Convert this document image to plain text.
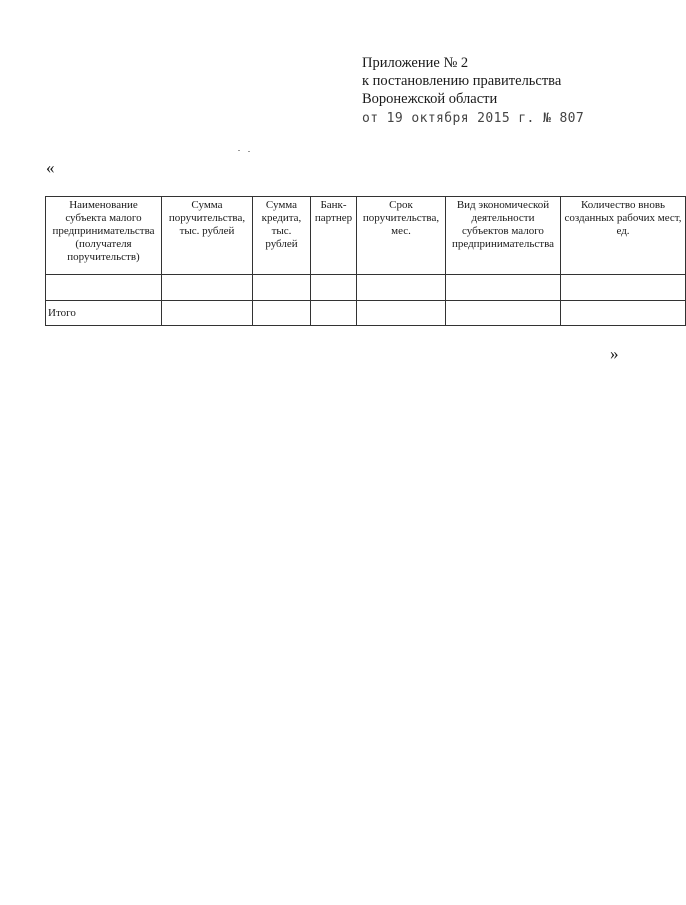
Приложение № 2
к постановлению правительства
Воронежской области
от 19 октября 2015 г. № 807
«
Наименование субъекта малого предпринимательства (получателя поручительств)	Сумма поручительства, тыс. рублей	Сумма кредита, тыс. рублей	Банк-партнер	Срок поручительства, мес.	Вид экономической деятельности субъектов малого предпринимательства	Количество вновь созданных рабочих мест, ед.

Итого						
»
